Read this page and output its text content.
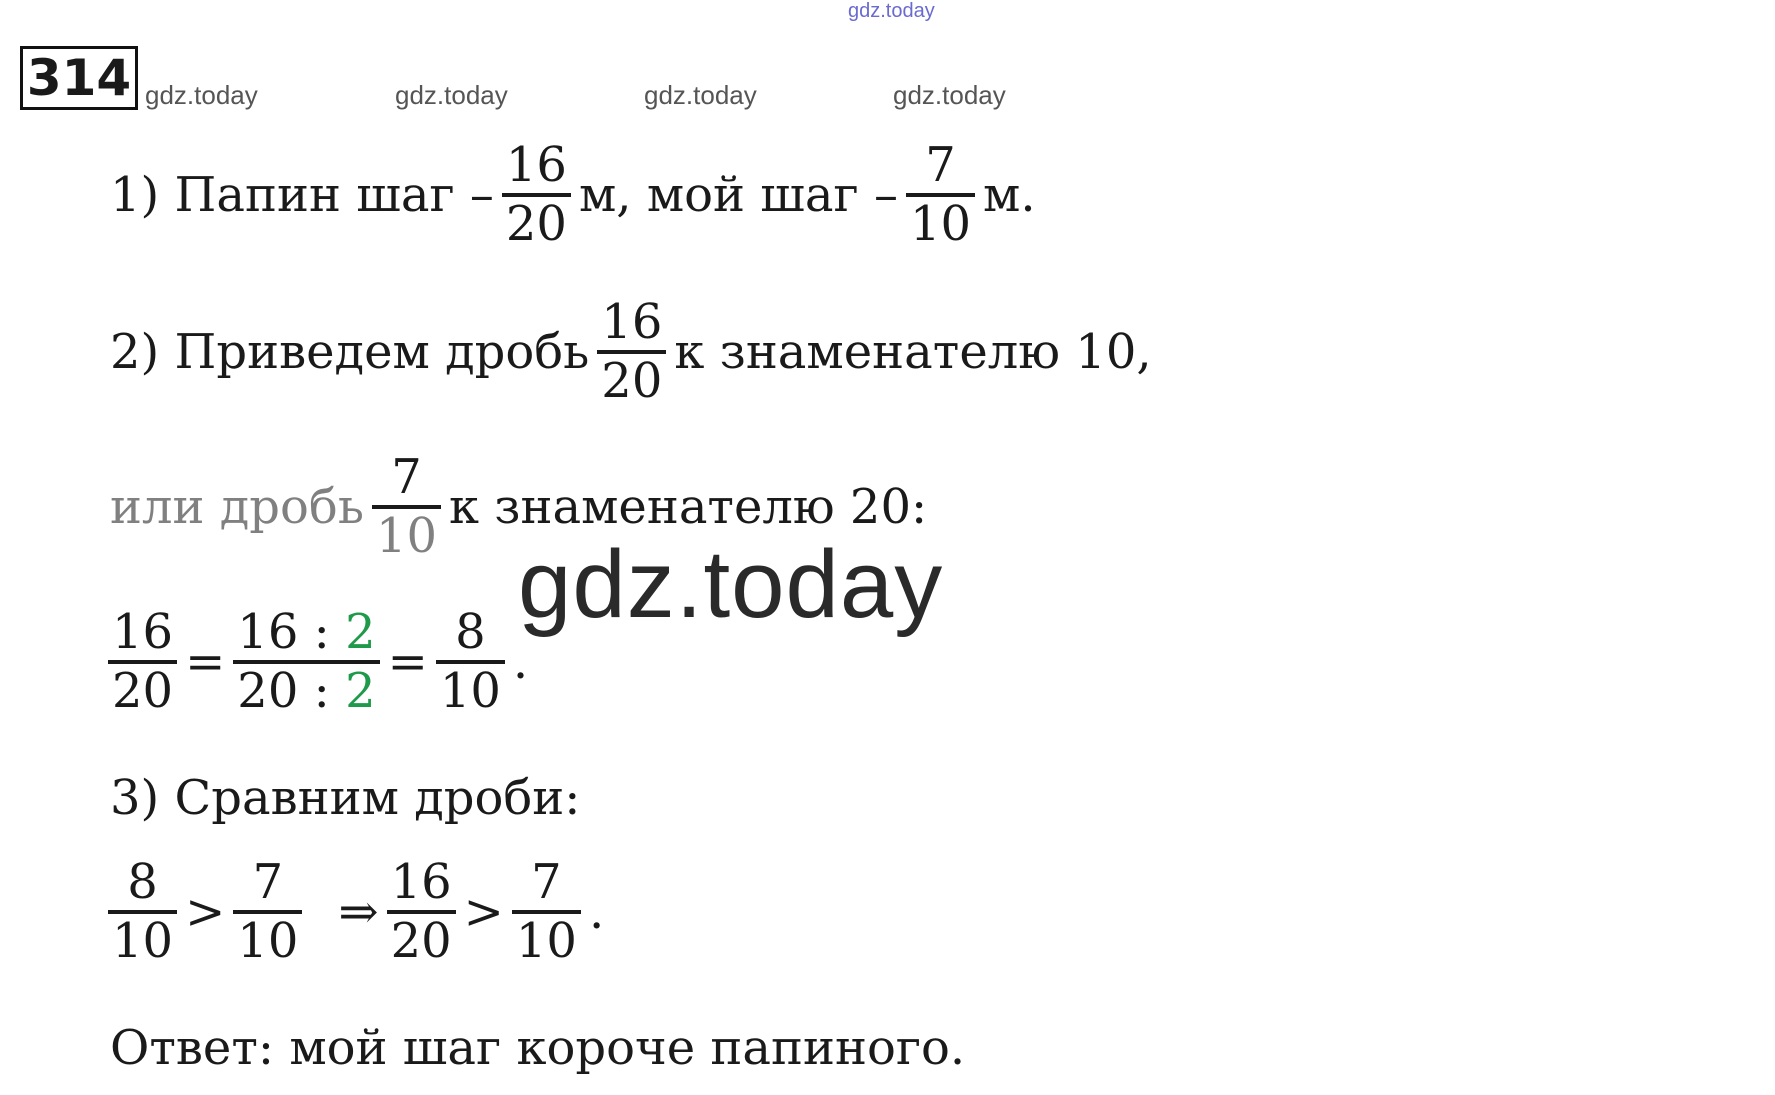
gdz.today
gdz.today	gdz.today	gdz.today	gdz.today
314
1) Папин шаг – $\frac{16}{20} м$, мой шаг – $\frac{7}{10} м$.
2) Приведем дробь $\frac{16}{20}$ к знаменателю 10,
или дробь $\frac{7}{10}$ к знаменателю 20:
gdz.today
$\frac{16}{20} = \frac{16 : 2}{20 : 2} = \frac{8}{10}$ .
3) Сравним дроби:
$\frac{8}{10} > \frac{7}{10}$ ⇒ $\frac{16}{20} > \frac{7}{10}$ .
Ответ: мой шаг короче папиного.
